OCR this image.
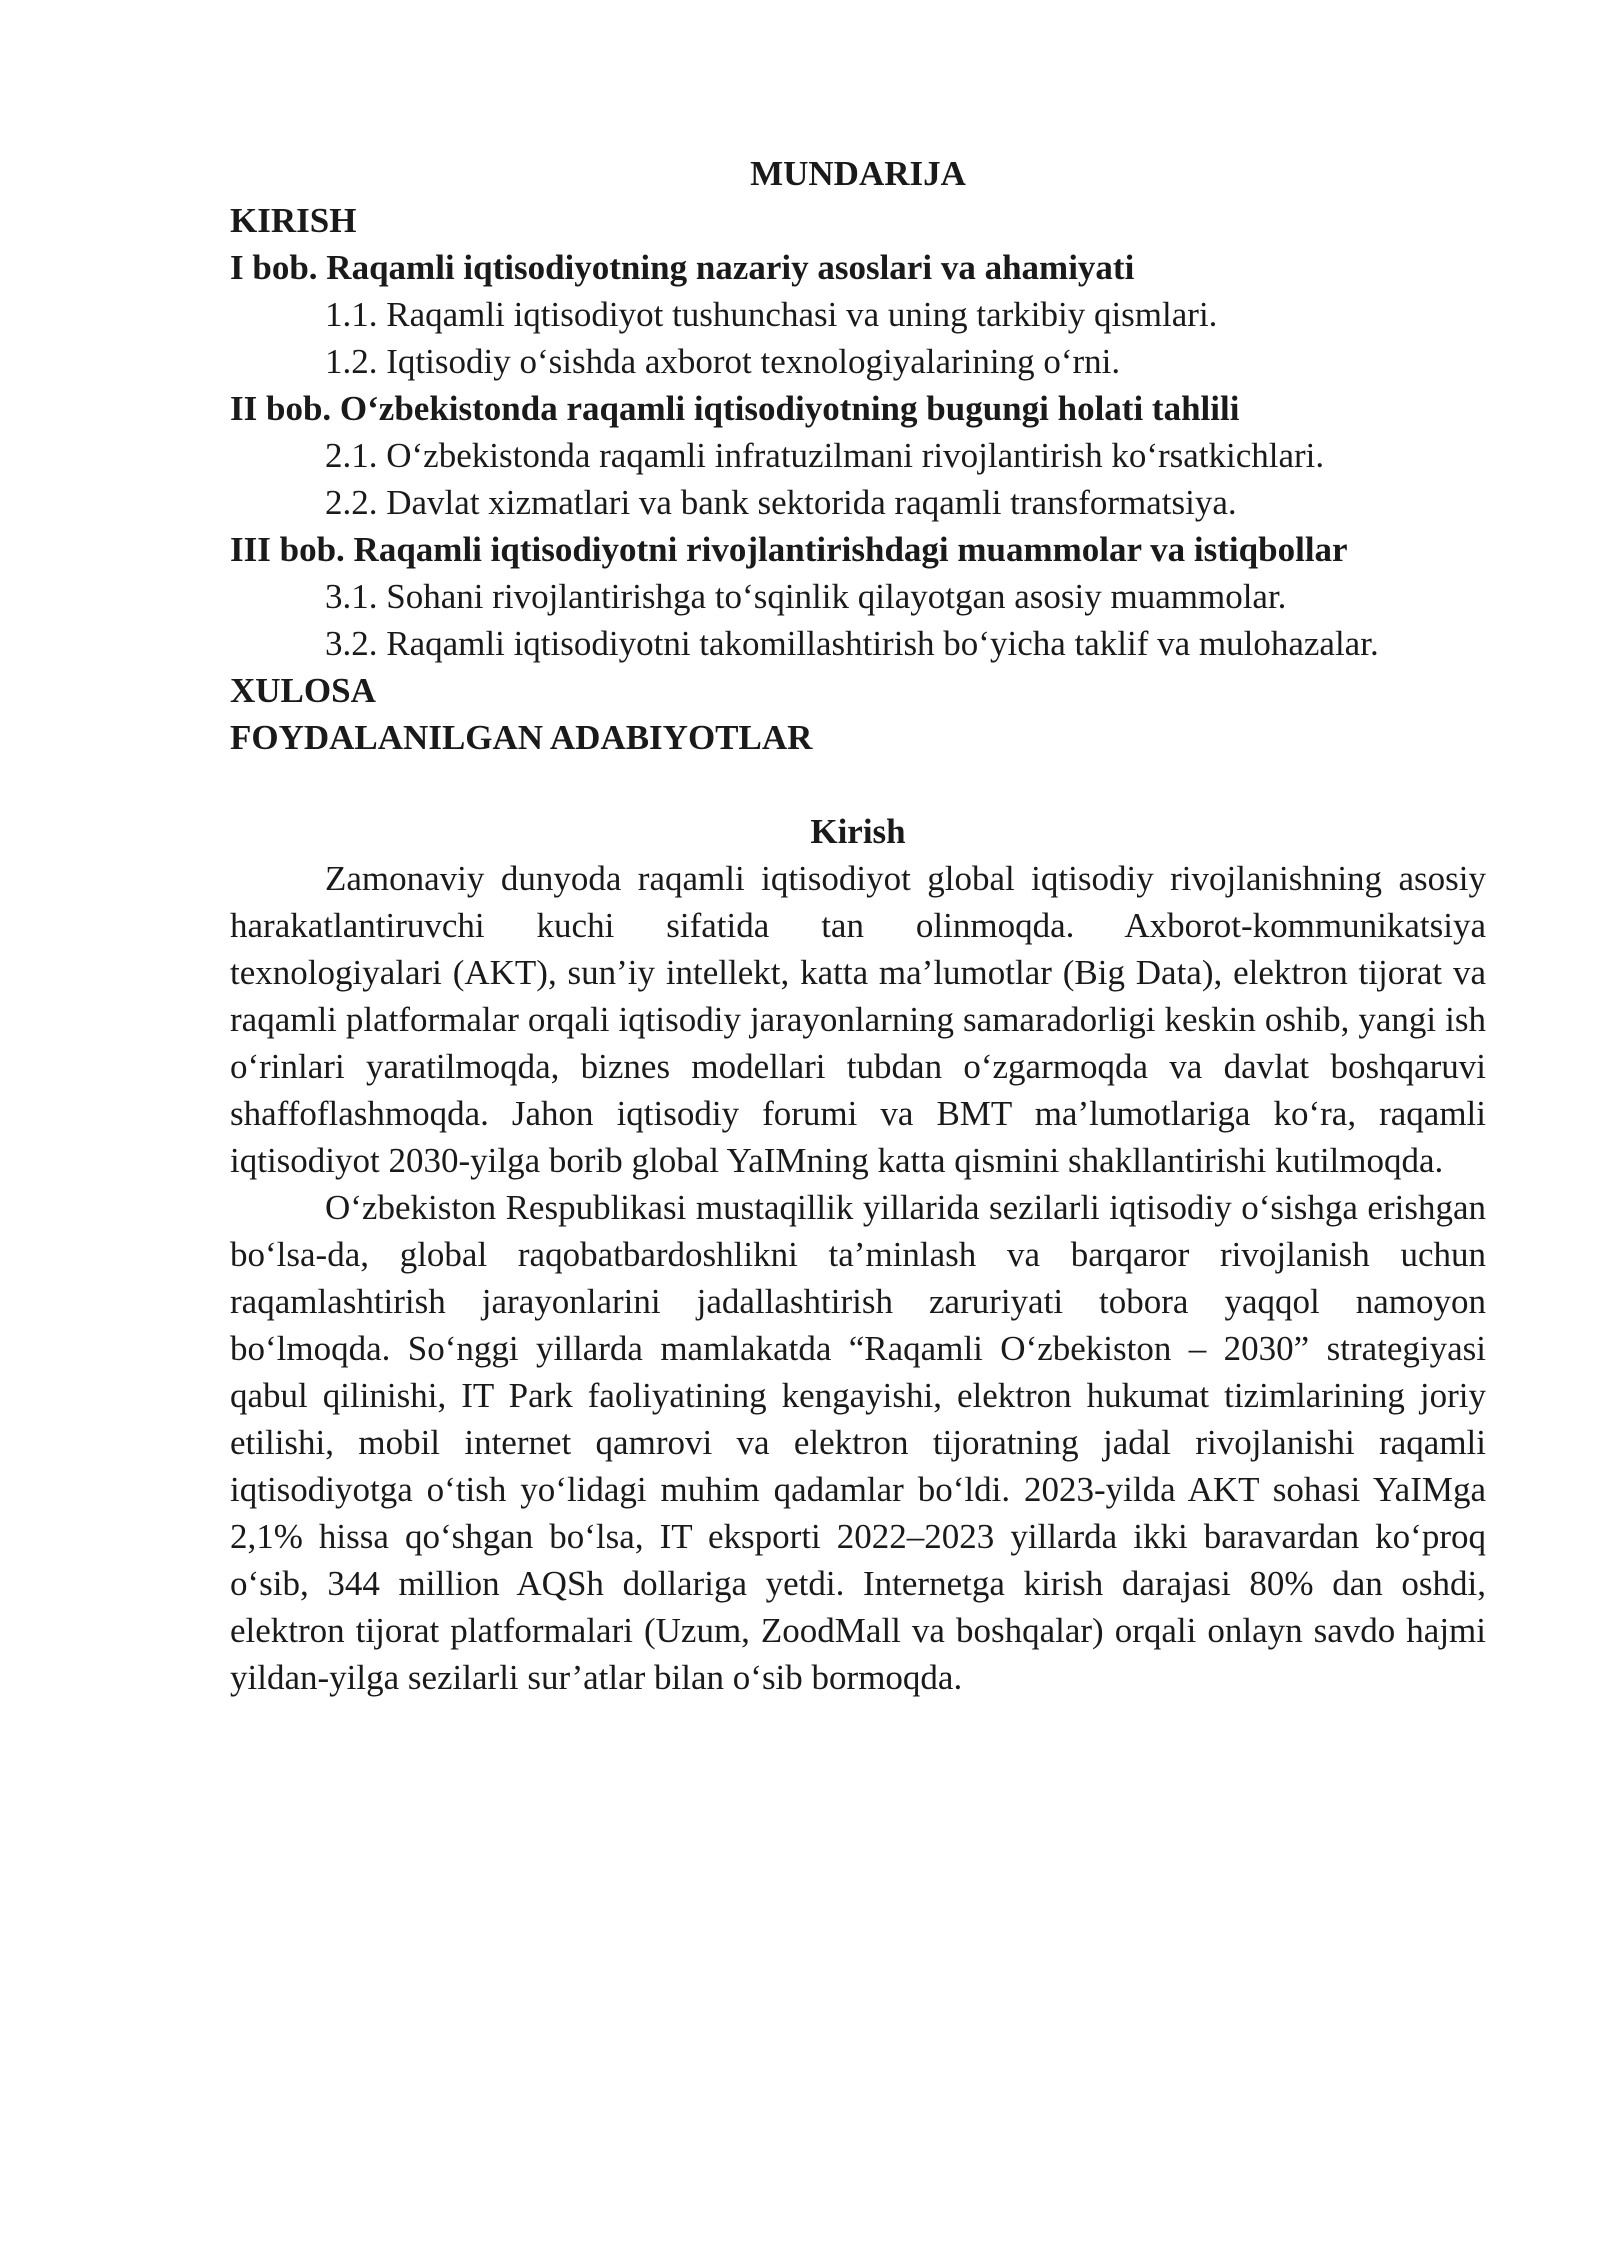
MUNDARIJA

KIRISH

I bob. Raqamli iqtisodiyotning nazariy asoslari va ahamiyati

1.1. Raqamli iqtisodiyot tushunchasi va uning tarkibiy qismlari.

1.2. Iqtisodiy o‘sishda axborot texnologiyalarining o‘rni.

II bob. O‘zbekistonda raqamli iqtisodiyotning bugungi holati tahlili

2.1. O‘zbekistonda raqamli infratuzilmani rivojlantirish ko‘rsatkichlari.

2.2. Davlat xizmatlari va bank sektorida raqamli transformatsiya.

III bob. Raqamli iqtisodiyotni rivojlantirishdagi muammolar va istiqbollar

3.1. Sohani rivojlantirishga to‘sqinlik qilayotgan asosiy muammolar.

3.2. Raqamli iqtisodiyotni takomillashtirish bo‘yicha taklif va mulohazalar.

XULOSA

FOYDALANILGAN ADABIYOTLAR

Kirish

Zamonaviy dunyoda raqamli iqtisodiyot global iqtisodiy rivojlanishning asosiy harakatlantiruvchi kuchi sifatida tan olinmoqda. Axborot-kommunikatsiya texnologiyalari (AKT), sun’iy intellekt, katta ma’lumotlar (Big Data), elektron tijorat va raqamli platformalar orqali iqtisodiy jarayonlarning samaradorligi keskin oshib, yangi ish o‘rinlari yaratilmoqda, biznes modellari tubdan o‘zgarmoqda va davlat boshqaruvi shaffoflashmoqda. Jahon iqtisodiy forumi va BMT ma’lumotlariga ko‘ra, raqamli iqtisodiyot 2030-yilga borib global YaIMning katta qismini shakllantirishi kutilmoqda.

O‘zbekiston Respublikasi mustaqillik yillarida sezilarli iqtisodiy o‘sishga erishgan bo‘lsa-da, global raqobatbardoshlikni ta’minlash va barqaror rivojlanish uchun raqamlashtirish jarayonlarini jadallashtirish zaruriyati tobora yaqqol namoyon bo‘lmoqda. So‘nggi yillarda mamlakatda “Raqamli O‘zbekiston – 2030” strategiyasi qabul qilinishi, IT Park faoliyatining kengayishi, elektron hukumat tizimlarining joriy etilishi, mobil internet qamrovi va elektron tijoratning jadal rivojlanishi raqamli iqtisodiyotga o‘tish yo‘lidagi muhim qadamlar bo‘ldi. 2023-yilda AKT sohasi YaIMga 2,1% hissa qo‘shgan bo‘lsa, IT eksporti 2022–2023 yillarda ikki baravardan ko‘proq o‘sib, 344 million AQSh dollariga yetdi. Internetga kirish darajasi 80% dan oshdi, elektron tijorat platformalari (Uzum, ZoodMall va boshqalar) orqali onlayn savdo hajmi yildan-yilga sezilarli sur’atlar bilan o‘sib bormoqda.
